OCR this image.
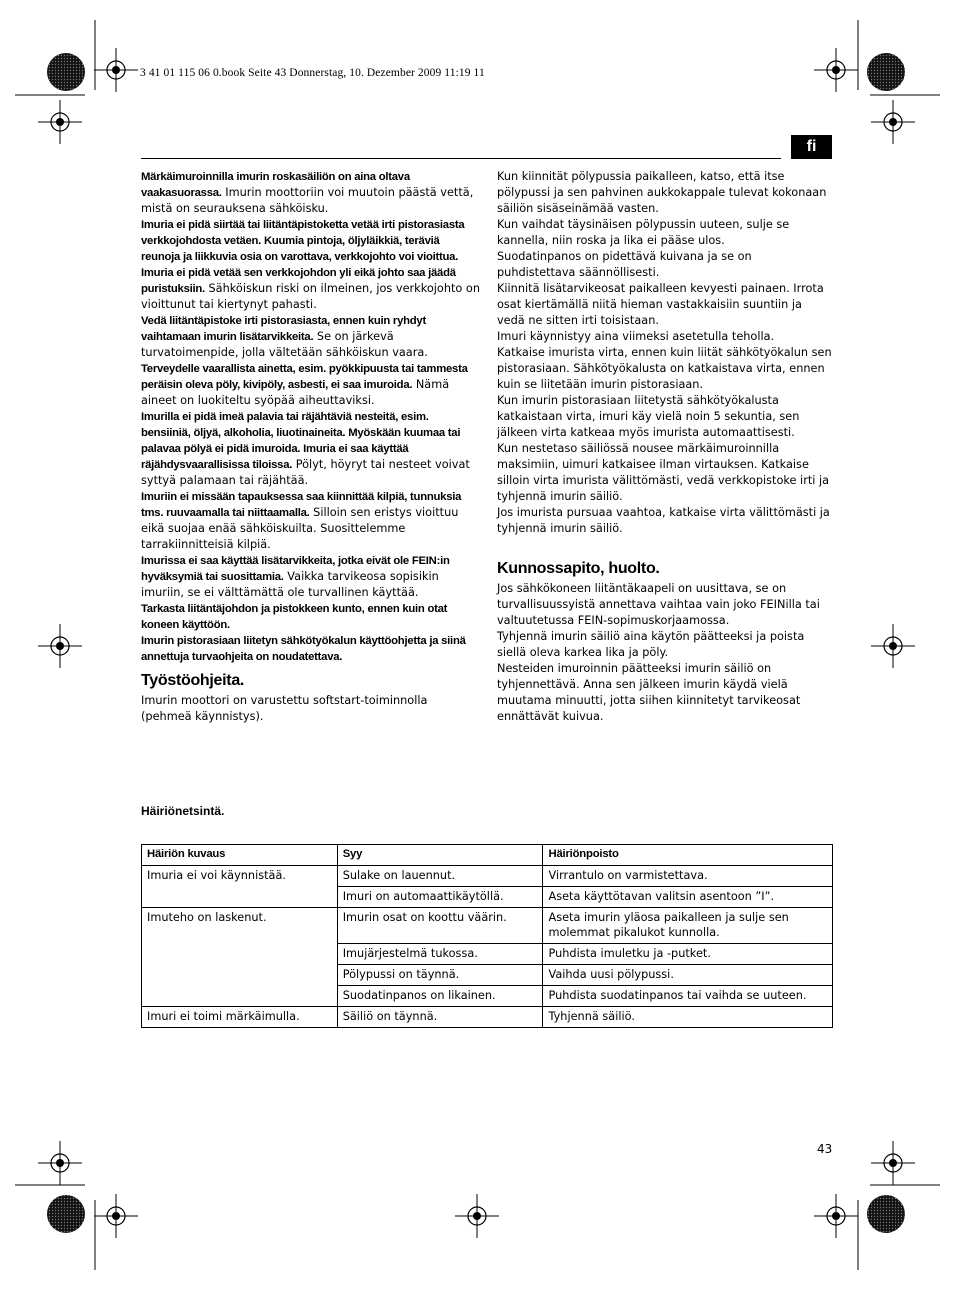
3 41 01 115 06 0.book Seite 43 Donnerstag, 10. Dezember 2009 11:19 11
fi

Märkäimuroinnilla imurin roskasäiliön on aina oltava vaakasuorassa. Imurin moottoriin voi muutoin päästä vettä, mistä on seurauksena sähköisku.

Imuria ei pidä siirtää tai liitäntäpistoketta vetää irti pistorasiasta verkkojohdosta vetäen. Kuumia pintoja, öljyläikkiä, teräviä reunoja ja liikkuvia osia on varottava, verkkojohto voi vioittua. Imuria ei pidä vetää sen verkkojohdon yli eikä johto saa jäädä puristuksiin. Sähköiskun riski on ilmeinen, jos verkkojohto on vioittunut tai kiertynyt pahasti.

Vedä liitäntäpistoke irti pistorasiasta, ennen kuin ryhdyt vaihtamaan imurin lisätarvikkeita. Se on järkevä turvatoimenpide, jolla vältetään sähköiskun vaara.

Terveydelle vaarallista ainetta, esim. pyökkipuusta tai tammesta peräisin oleva pöly, kivipöly, asbesti, ei saa imuroida. Nämä aineet on luokiteltu syöpää aiheuttaviksi.

Imurilla ei pidä imeä palavia tai räjähtäviä nesteitä, esim. bensiiniä, öljyä, alkoholia, liuotinaineita. Myöskään kuumaa tai palavaa pölyä ei pidä imuroida. Imuria ei saa käyttää räjähdysvaarallisissa tiloissa. Pölyt, höyryt tai nesteet voivat syttyä palamaan tai räjähtää.

Imuriin ei missään tapauksessa saa kiinnittää kilpiä, tunnuksia tms. ruuvaamalla tai niittaamalla. Silloin sen eristys vioittuu eikä suojaa enää sähköiskuilta. Suosittelemme tarrakiinnitteisiä kilpiä.

Imurissa ei saa käyttää lisätarvikkeita, jotka eivät ole FEIN:in hyväksymiä tai suosittamia. Vaikka tarvikeosa sopisikin imuriin, se ei välttämättä ole turvallinen käyttää.

Tarkasta liitäntäjohdon ja pistokkeen kunto, ennen kuin otat koneen käyttöön.

Imurin pistorasiaan liitetyn sähkötyökalun käyttöohjetta ja siinä annettuja turvaohjeita on noudatettava.

Työstöohjeita.

Imurin moottori on varustettu softstart-toiminnolla (pehmeä käynnistys).

Kun kiinnität pölypussia paikalleen, katso, että itse pölypussi ja sen pahvinen aukkokappale tulevat kokonaan säiliön sisäseinämää vasten.

Kun vaihdat täysinäisen pölypussin uuteen, sulje se kannella, niin roska ja lika ei pääse ulos.

Suodatinpanos on pidettävä kuivana ja se on puhdistettava säännöllisesti.

Kiinnitä lisätarvikeosat paikalleen kevyesti painaen. Irrota osat kiertämällä niitä hieman vastakkaisiin suuntiin ja vedä ne sitten irti toisistaan.

Imuri käynnistyy aina viimeksi asetetulla teholla.

Katkaise imurista virta, ennen kuin liität sähkötyökalun sen pistorasiaan. Sähkötyökalusta on katkaistava virta, ennen kuin se liitetään imurin pistorasiaan.

Kun imurin pistorasiaan liitetystä sähkötyökalusta katkaistaan virta, imuri käy vielä noin 5 sekuntia, sen jälkeen virta katkeaa myös imurista automaattisesti.

Kun nestetaso säiliössä nousee märkäimuroinnilla maksimiin, uimuri katkaisee ilman virtauksen. Katkaise silloin virta imurista välittömästi, vedä verkkopistoke irti ja tyhjennä imurin säiliö.

Jos imurista pursuaa vaahtoa, katkaise virta välittömästi ja tyhjennä imurin säiliö.

Kunnossapito, huolto.

Jos sähkökoneen liitäntäkaapeli on uusittava, se on turvallisuussyistä annettava vaihtaa vain joko FEINilla tai valtuutetussa FEIN-sopimuskorjaamossa.

Tyhjennä imurin säiliö aina käytön päätteeksi ja poista siellä oleva karkea lika ja pöly.

Nesteiden imuroinnin päätteeksi imurin säiliö on tyhjennettävä. Anna sen jälkeen imurin käydä vielä muutama minuutti, jotta siihen kiinnitetyt tarvikeosat ennättävät kuivua.

Häiriönetsintä.
Häiriön kuvaus	Syy	Häiriönpoisto
Imuria ei voi käynnistää.	Sulake on lauennut.	Virrantulo on varmistettava.
	Imuri on automaattikäytöllä.	Aseta käyttötavan valitsin asentoon ”I”.
Imuteho on laskenut.	Imurin osat on koottu väärin.	Aseta imurin yläosa paikalleen ja sulje sen molemmat pikalukot kunnolla.
	Imujärjestelmä tukossa.	Puhdista imuletku ja -putket.
	Pölypussi on täynnä.	Vaihda uusi pölypussi.
	Suodatinpanos on likainen.	Puhdista suodatinpanos tai vaihda se uuteen.
Imuri ei toimi märkäimulla.	Säiliö on täynnä.	Tyhjennä säiliö.
43
